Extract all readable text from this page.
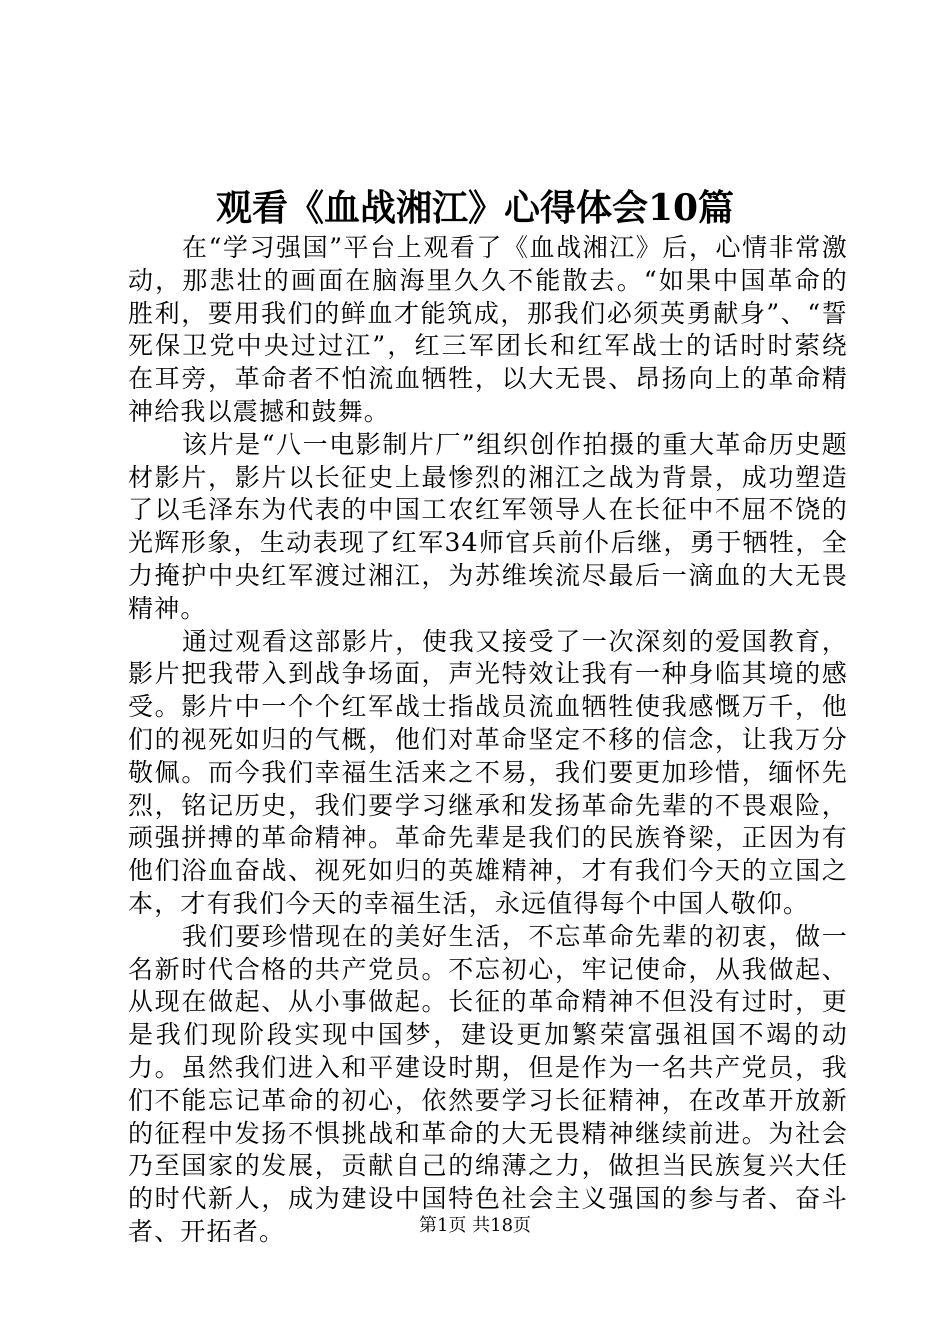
观看《血战湘江》心得体会10篇

在“学习强国”平台上观看了《血战湘江》后，心情非常激动，那悲壮的画面在脑海里久久不能散去。“如果中国革命的胜利，要用我们的鲜血才能筑成，那我们必须英勇献身”、“誓死保卫党中央过过江”，红三军团长和红军战士的话时时萦绕在耳旁，革命者不怕流血牺牲，以大无畏、昂扬向上的革命精神给我以震撼和鼓舞。

该片是“八一电影制片厂”组织创作拍摄的重大革命历史题材影片，影片以长征史上最惨烈的湘江之战为背景，成功塑造了以毛泽东为代表的中国工农红军领导人在长征中不屈不饶的光辉形象，生动表现了红军34师官兵前仆后继，勇于牺牲，全力掩护中央红军渡过湘江，为苏维埃流尽最后一滴血的大无畏精神。

通过观看这部影片，使我又接受了一次深刻的爱国教育，影片把我带入到战争场面，声光特效让我有一种身临其境的感受。影片中一个个红军战士指战员流血牺牲使我感慨万千，他们的视死如归的气概，他们对革命坚定不移的信念，让我万分敬佩。而今我们幸福生活来之不易，我们要更加珍惜，缅怀先烈，铭记历史，我们要学习继承和发扬革命先辈的不畏艰险，顽强拼搏的革命精神。革命先辈是我们的民族脊梁，正因为有他们浴血奋战、视死如归的英雄精神，才有我们今天的立国之本，才有我们今天的幸福生活，永远值得每个中国人敬仰。

我们要珍惜现在的美好生活，不忘革命先辈的初衷，做一名新时代合格的共产党员。不忘初心，牢记使命，从我做起、从现在做起、从小事做起。长征的革命精神不但没有过时，更是我们现阶段实现中国梦，建设更加繁荣富强祖国不竭的动力。虽然我们进入和平建设时期，但是作为一名共产党员，我们不能忘记革命的初心，依然要学习长征精神，在改革开放新的征程中发扬不惧挑战和革命的大无畏精神继续前进。为社会乃至国家的发展，贡献自己的绵薄之力，做担当民族复兴大任的时代新人，成为建设中国特色社会主义强国的参与者、奋斗者、开拓者。	第1页 共18页
